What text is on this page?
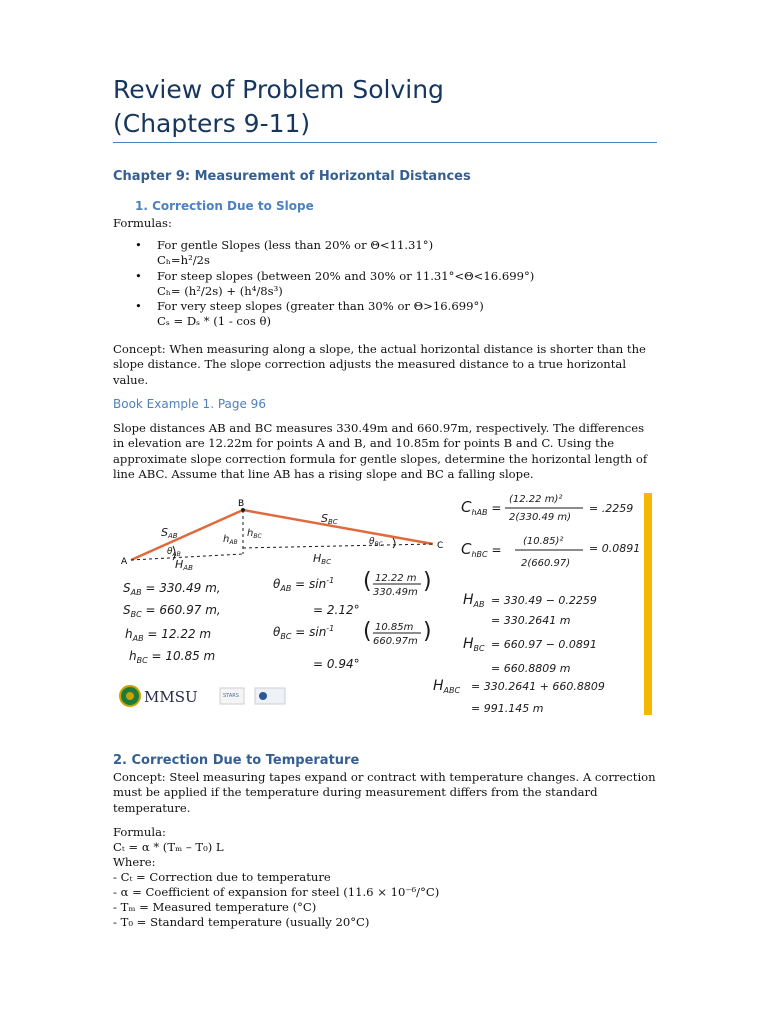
Review of Problem Solving
(Chapters 9-11)
Chapter 9: Measurement of Horizontal Distances
1. Correction Due to Slope
Formulas:
• For gentle Slopes (less than 20% or Θ<11.31°)
Cₕ=h²/2s
• For steep slopes (between 20% and 30% or 11.31°<Θ<16.699°)
Cₕ= (h²/2s) + (h⁴/8s³)
• For very steep slopes (greater than 30% or Θ>16.699°)
Cₛ = Dₛ * (1 - cos θ)

Concept: When measuring along a slope, the actual horizontal distance is shorter than the slope distance. The slope correction adjusts the measured distance to a true horizontal value.

Book Example 1. Page 96

Slope distances AB and BC measures 330.49m and 660.97m, respectively. The differences in elevation are 12.22m for points A and B, and 10.85m for points B and C. Using the approximate slope correction formula for gentle slopes, determine the horizontal length of line ABC. Assume that line AB has a rising slope and BC a falling slope.

A
B
C
SAB
SBC
$h_{AB}$
$h_{BC}$
$\theta_{AB}$
$\theta_{BC}$
HAB
HBC
$S_{AB} = 330.49$ m,
$S_{BC} = 660.97$ m,
$h_{AB} = 12.22$ m
$h_{BC} = 10.85$ m
$\theta_{AB} = \sin^{-1}$ ( 12.22 m
330.49m )
= 2.12°
$\theta_{BC} = \sin^{-1}$ ( 10.85m
660.97m )
= 0.94°
$C_{hAB}$ =
(12.22 m)²
2(330.49 m)
= .2259
$C_{hBC}$ =
(10.85)²
2(660.97)
= 0.0891
$H_{AB} = 330.49 - 0.2259$
= 330.2641 m
$H_{BC} = 660.97 - 0.0891$
= 660.8809 m
$H_{ABC} = 330.2641 + 660.8809$
= 991.145 m
MMSU	STARS
2. Correction Due to Temperature

Concept: Steel measuring tapes expand or contract with temperature changes. A correction must be applied if the temperature during measurement differs from the standard temperature.

Formula:
Cₜ = α * (Tₘ – T₀) L
Where:
- Cₜ = Correction due to temperature
- α = Coefficient of expansion for steel (11.6 × 10⁻⁶/°C)
- Tₘ = Measured temperature (°C)
- T₀ = Standard temperature (usually 20°C)
